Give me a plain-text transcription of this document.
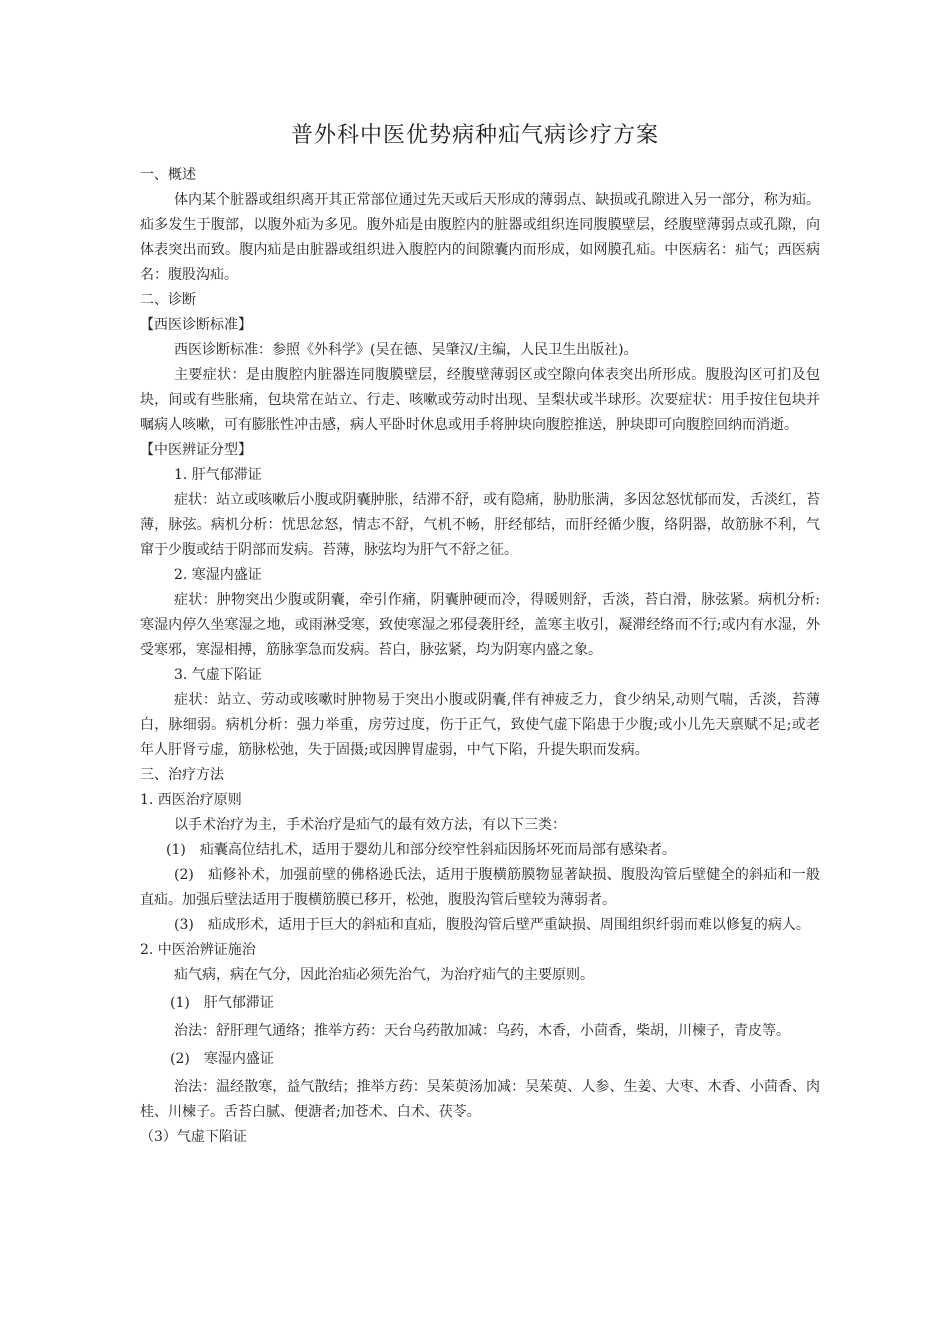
普外科中医优势病种疝气病诊疗方案

一、概述

体内某个脏器或组织离开其正常部位通过先天或后天形成的薄弱点、缺损或孔隙进入另一部分，称为疝。疝多发生于腹部，以腹外疝为多见。腹外疝是由腹腔内的脏器或组织连同腹膜壁层，经腹壁薄弱点或孔隙，向体表突出而致。腹内疝是由脏器或组织进入腹腔内的间隙囊内而形成，如网膜孔疝。中医病名：疝气；西医病名：腹股沟疝。

二、诊断

【西医诊断标准】

西医诊断标准：参照《外科学》(吴在德、吴肇汉/主编，人民卫生出版社)。

主要症状：是由腹腔内脏器连同腹膜壁层，经腹壁薄弱区或空隙向体表突出所形成。腹股沟区可扪及包块，间或有些胀痛，包块常在站立、行走、咳嗽或劳动时出现、呈梨状或半球形。次要症状：用手按住包块并嘱病人咳嗽，可有膨胀性冲击感，病人平卧时休息或用手将肿块向腹腔推送，肿块即可向腹腔回纳而消逝。

【中医辨证分型】

1. 肝气郁滞证

症状：站立或咳嗽后小腹或阴囊肿胀，结滞不舒，或有隐痛，胁肋胀满，多因忿怒忧郁而发，舌淡红，苔薄，脉弦。病机分析：忧思忿怒，情志不舒，气机不畅，肝经郁结，而肝经循少腹，络阴器，故筋脉不利，气窜于少腹或结于阴部而发病。苔薄，脉弦均为肝气不舒之征。

2. 寒湿内盛证

症状：肿物突出少腹或阴囊，牵引作痛，阴囊肿硬而冷，得暖则舒，舌淡，苔白滑，脉弦紧。病机分析:寒湿内停久坐寒湿之地，或雨淋受寒，致使寒湿之邪侵袭肝经，盖寒主收引，凝滞经络而不行;或内有水湿，外受寒邪，寒湿相搏，筋脉挛急而发病。苔白，脉弦紧，均为阴寒内盛之象。

3. 气虚下陷证

症状：站立、劳动或咳嗽时肿物易于突出小腹或阴囊,伴有神疲乏力，食少纳呆,动则气喘，舌淡，苔薄白，脉细弱。病机分析：强力举重，房劳过度，伤于正气，致使气虚下陷患于少腹;或小儿先天禀赋不足;或老年人肝肾亏虚，筋脉松弛，失于固摄;或因脾胃虚弱，中气下陷，升提失职而发病。

三、治疗方法

1. 西医治疗原则

以手术治疗为主，手术治疗是疝气的最有效方法，有以下三类：

(1)　疝囊高位结扎术，适用于婴幼儿和部分绞窄性斜疝因肠坏死而局部有感染者。

(2)　疝修补术，加强前壁的佛格逊氏法，适用于腹横筋膜物显著缺损、腹股沟管后壁健全的斜疝和一般直疝。加强后壁法适用于腹横筋膜已移开，松弛，腹股沟管后壁较为薄弱者。

(3)　疝成形术，适用于巨大的斜疝和直疝，腹股沟管后壁严重缺损、周围组织纤弱而难以修复的病人。

2. 中医治辨证施治

疝气病，病在气分，因此治疝必须先治气，为治疗疝气的主要原则。

(1)　肝气郁滞证

治法：舒肝理气通络；推举方药：天台乌药散加减：乌药，木香，小茴香，柴胡，川楝子，青皮等。

(2)　寒湿内盛证

治法：温经散寒，益气散结；推举方药：吴茱萸汤加减：吴茱萸、人参、生姜、大枣、木香、小茴香、肉桂、川楝子。舌苔白腻、便溏者;加苍术、白术、茯苓。

（3）气虚下陷证
